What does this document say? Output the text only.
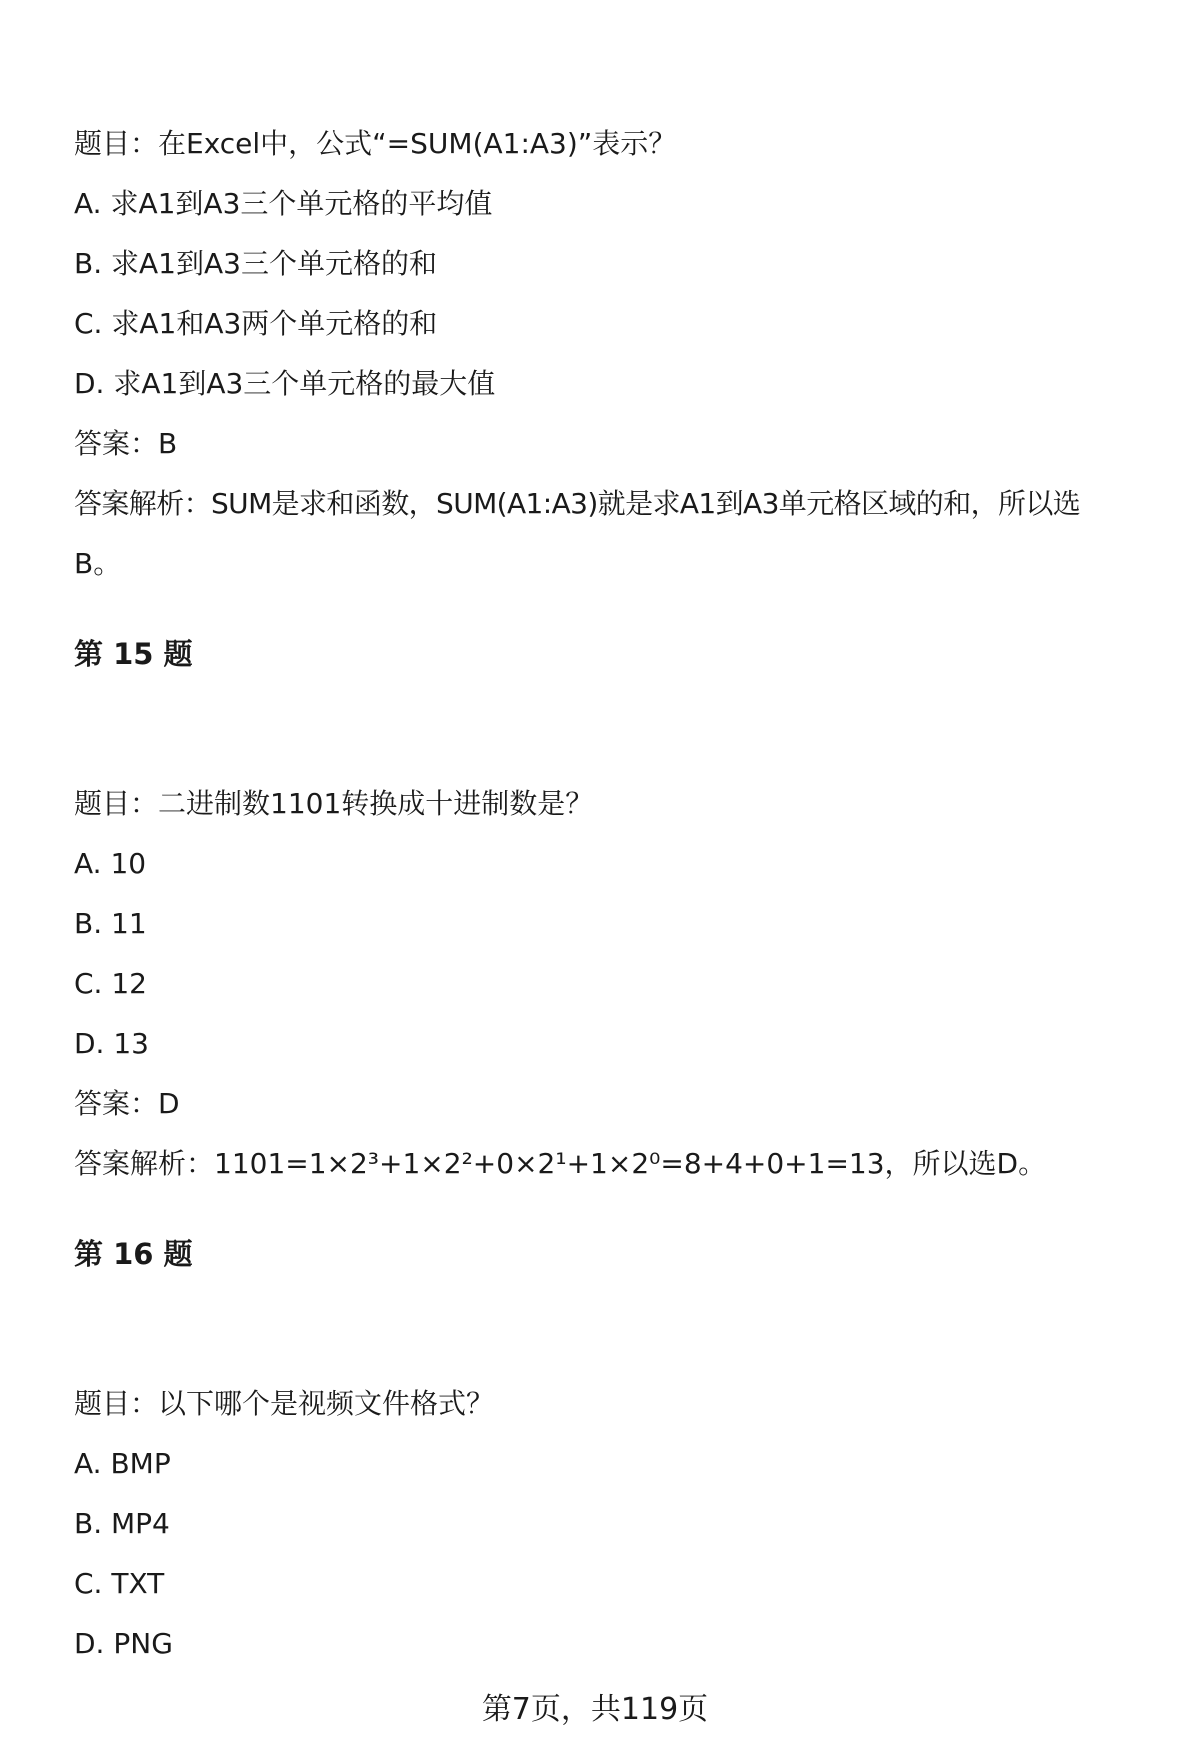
题目：在Excel中，公式“=SUM(A1:A3)”表示？
A. 求A1到A3三个单元格的平均值
B. 求A1到A3三个单元格的和
C. 求A1和A3两个单元格的和
D. 求A1到A3三个单元格的最大值
答案：B
答案解析：SUM是求和函数，SUM(A1:A3)就是求A1到A3单元格区域的和，所以选
B。
第 15 题
题目：二进制数1101转换成十进制数是？
A. 10
B. 11
C. 12
D. 13
答案：D
答案解析：1101=1×2³+1×2²+0×2¹+1×2⁰=8+4+0+1=13，所以选D。
第 16 题
题目：以下哪个是视频文件格式？
A. BMP
B. MP4
C. TXT
D. PNG
第7页，共119页
